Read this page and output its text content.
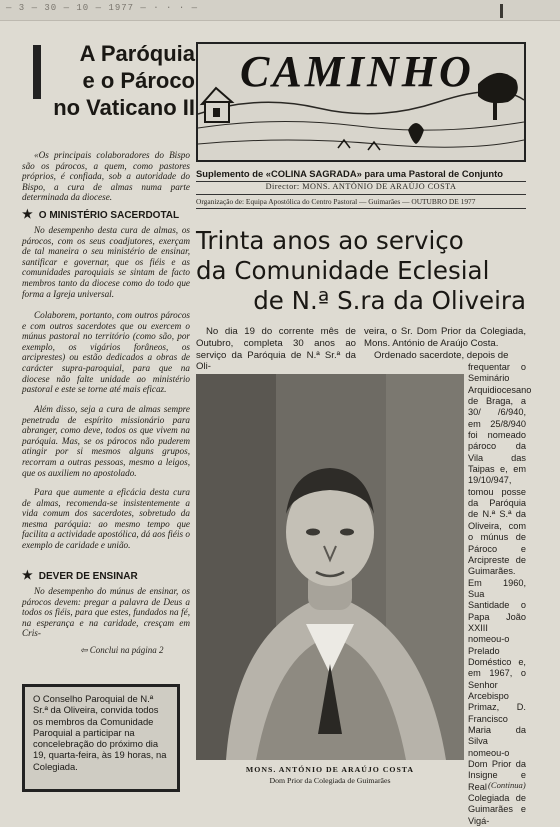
— 3 — 30 — 10 — 1977 — · · · —
A Paróquia
e o Pároco
no Vaticano II

«Os principais colaboradores do Bispo são os párocos, a quem, como pastores próprios, é confiada, sob a autoridade do Bispo, a cura de almas numa parte determinada da diocese.

★ O MINISTÉRIO SACERDOTAL

No desempenho desta cura de almas, os párocos, com os seus coadjutores, exerçam de tal maneira o seu ministério de ensinar, santificar e governar, que os fiéis e as comunidades paroquiais se sintam de facto membros tanto da diocese como do todo que forma a Igreja universal.

Colaborem, portanto, com outros párocos e com outros sacerdotes que ou exercem o múnus pastoral no território (como são, por exemplo, os vigários forâneos, os arciprestes) ou estão dedicados a obras de carácter supra-paroquial, para que na diocese não falte unidade ao ministério pastoral e este se torne até mais eficaz.

Além disso, seja a cura de almas sempre penetrada de espírito missionário para abranger, como deve, todos os que vivem na paróquia. Mas, se os párocos não puderem atingir por si mesmos alguns grupos, recorram a outras pessoas, mesmo a leigos, que os auxiliem no apostolado.

Para que aumente a eficácia desta cura de almas, recomenda-se insistentemente a vida comum dos sacerdotes, sobretudo da mesma paróquia: ao mesmo tempo que facilita a actividade apostólica, dá aos fiéis o exemplo de caridade e união.

★ DEVER DE ENSINAR

No desempenho do múnus de ensinar, os párocos devem: pregar a palavra de Deus a todos os fiéis, para que estes, fundados na fé, na esperança e na caridade, cresçam em Cris-

⇦ Conclui na página 2
O Conselho Paroquial de N.ª Sr.ª da Oliveira, convida todos os membros da Comunidade Paroquial a participar na concelebração do próximo dia 19, quarta-feira, às 19 horas, na Colegiada.
CAMINHO
Suplemento de «COLINA SAGRADA» para uma Pastoral de Conjunto
Director: MONS. ANTÓNIO DE ARAÚJO COSTA
Organização de: Equipa Apostólica do Centro Pastoral — Guimarães — OUTUBRO DE 1977
Trinta anos ao serviço
da Comunidade Eclesial
de N.ª S.ra da Oliveira
No dia 19 do corrente mês de Outubro, completa 30 anos ao serviço da Paróquia de N.ª Sr.ª da Oli-
veira, o Sr. Dom Prior da Colegiada, Mons. António de Araújo Costa.
Ordenado sacerdote, depois de
frequentar o Seminário Arquidiocesano de Braga, a 30/ /6/940, em 25/8/940 foi nomeado pároco da Vila das Taipas e, em 19/10/947, tomou posse da Paróquia de N.ª S.ª da Oliveira, com o múnus de Pároco e Arcipreste de Guimarães. Em 1960, Sua Santidade o Papa João XXIII nomeou-o Prelado Doméstico e, em 1967, o Senhor Arcebispo Primaz, D. Francisco Maria da Silva nomeou-o Dom Prior da Insigne e Real Colegiada de Guimarães e Vigá-
MONS. ANTÓNIO DE ARAÚJO COSTA
Dom Prior da Colegiada de Guimarães	(Continua)
